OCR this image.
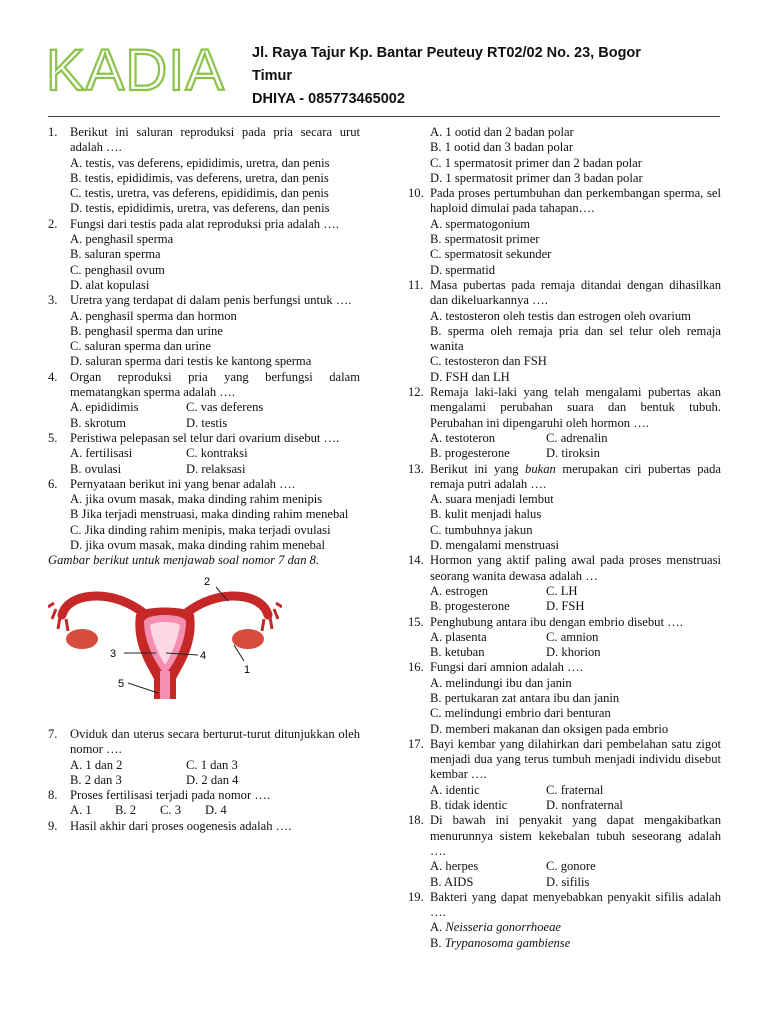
KADIA Jl. Raya Tajur Kp. Bantar Peuteuy RT02/02 No. 23, Bogor
Timur
DHIYA - 085773465002
1. Berikut ini saluran reproduksi pada pria secara urut adalah ….
A. testis, vas deferens, epididimis, uretra, dan penis
B. testis, epididimis, vas deferens, uretra, dan penis
C. testis, uretra, vas deferens, epididimis, dan penis
D. testis, epididimis, uretra, vas deferens, dan penis
2. Fungsi dari testis pada alat reproduksi pria adalah ….
A. penghasil sperma
B. saluran sperma
C. penghasil ovum
D. alat kopulasi
3. Uretra yang terdapat di dalam penis berfungsi untuk ….
A. penghasil sperma dan hormon
B. penghasil sperma dan urine
C. saluran sperma dan urine
D. saluran sperma dari testis ke kantong sperma
4. Organ reproduksi pria yang berfungsi dalam mematangkan sperma adalah ….
A. epididimis	C. vas deferens
B. skrotum	D. testis
5. Peristiwa pelepasan sel telur dari ovarium disebut ….
A. fertilisasi	C. kontraksi
B. ovulasi	D. relaksasi
6. Pernyataan berikut ini yang benar adalah ….
A. jika ovum masak, maka dinding rahim menipis
B Jika terjadi menstruasi, maka dinding rahim menebal
C. Jika dinding rahim menipis, maka terjadi ovulasi
D. jika ovum masak, maka dinding rahim menebal
Gambar berikut untuk menjawab soal nomor 7 dan 8.
2
3	4
1
5
7. Oviduk dan uterus secara berturut-turut ditunjukkan oleh nomor ….
A. 1 dan 2	C. 1 dan 3
B. 2 dan 3	D. 2 dan 4
8. Proses fertilisasi terjadi pada nomor ….
A. 1 B. 2 C. 3 D. 4
9. Hasil akhir dari proses oogenesis adalah ….
A. 1 ootid dan 2 badan polar
B. 1 ootid dan 3 badan polar
C. 1 spermatosit primer dan 2 badan polar
D. 1 spermatosit primer dan 3 badan polar
10. Pada proses pertumbuhan dan perkembangan sperma, sel haploid dimulai pada tahapan….
A. spermatogonium
B. spermatosit primer
C. spermatosit sekunder
D. spermatid
11. Masa pubertas pada remaja ditandai dengan dihasilkan dan dikeluarkannya ….
A. testosteron oleh testis dan estrogen oleh ovarium
B. sperma oleh remaja pria dan sel telur oleh remaja wanita
C. testosteron dan FSH
D. FSH dan LH
12. Remaja laki-laki yang telah mengalami pubertas akan mengalami perubahan suara dan bentuk tubuh. Perubahan ini dipengaruhi oleh hormon ….
A. testoteron	C. adrenalin
B. progesterone	D. tiroksin
13. Berikut ini yang bukan merupakan ciri pubertas pada remaja putri adalah ….
A. suara menjadi lembut
B. kulit menjadi halus
C. tumbuhnya jakun
D. mengalami menstruasi
14. Hormon yang aktif paling awal pada proses menstruasi seorang wanita dewasa adalah …
A. estrogen	C. LH
B. progesterone	D. FSH
15. Penghubung antara ibu dengan embrio disebut ….
A. plasenta	C. amnion
B. ketuban	D. khorion
16. Fungsi dari amnion adalah ….
A. melindungi ibu dan janin
B. pertukaran zat antara ibu dan janin
C. melindungi embrio dari benturan
D. memberi makanan dan oksigen pada embrio
17. Bayi kembar yang dilahirkan dari pembelahan satu zigot menjadi dua yang terus tumbuh menjadi individu disebut kembar ….
A. identic	C. fraternal
B. tidak identic	D. nonfraternal
18. Di bawah ini penyakit yang dapat mengakibatkan menurunnya sistem kekebalan tubuh seseorang adalah ….
A. herpes	C. gonore
B. AIDS	D. sifilis
19. Bakteri yang dapat menyebabkan penyakit sifilis adalah ….
A. Neisseria gonorrhoeae
B. Trypanosoma gambiense
